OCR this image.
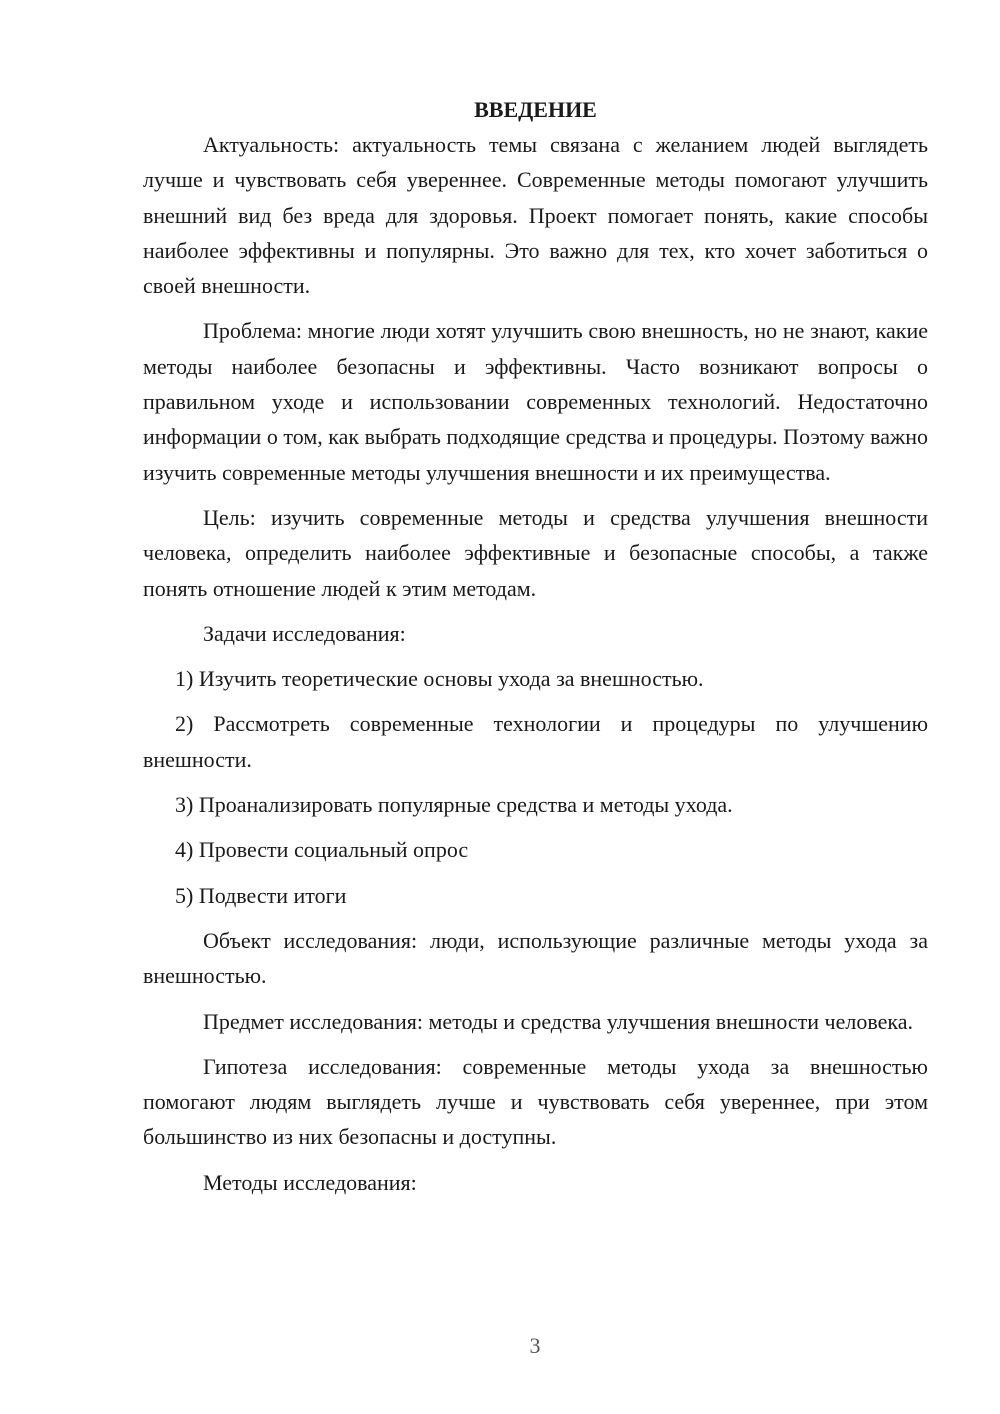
ВВЕДЕНИЕ

Актуальность: актуальность темы связана с желанием людей выглядеть лучше и чувствовать себя увереннее. Современные методы помогают улучшить внешний вид без вреда для здоровья. Проект помогает понять, какие способы наиболее эффективны и популярны. Это важно для тех, кто хочет заботиться о своей внешности.

Проблема: многие люди хотят улучшить свою внешность, но не знают, какие методы наиболее безопасны и эффективны. Часто возникают вопросы о правильном уходе и использовании современных технологий. Недостаточно информации о том, как выбрать подходящие средства и процедуры. Поэтому важно изучить современные методы улучшения внешности и их преимущества.

Цель: изучить современные методы и средства улучшения внешности человека, определить наиболее эффективные и безопасные способы, а также понять отношение людей к этим методам.

Задачи исследования:

1) Изучить теоретические основы ухода за внешностью.

2) Рассмотреть современные технологии и процедуры по улучшению внешности.

3) Проанализировать популярные средства и методы ухода.

4) Провести социальный опрос

5) Подвести итоги

Объект исследования: люди, использующие различные методы ухода за внешностью.

Предмет исследования: методы и средства улучшения внешности человека.

Гипотеза исследования: современные методы ухода за внешностью помогают людям выглядеть лучше и чувствовать себя увереннее, при этом большинство из них безопасны и доступны.

Методы исследования:

3
